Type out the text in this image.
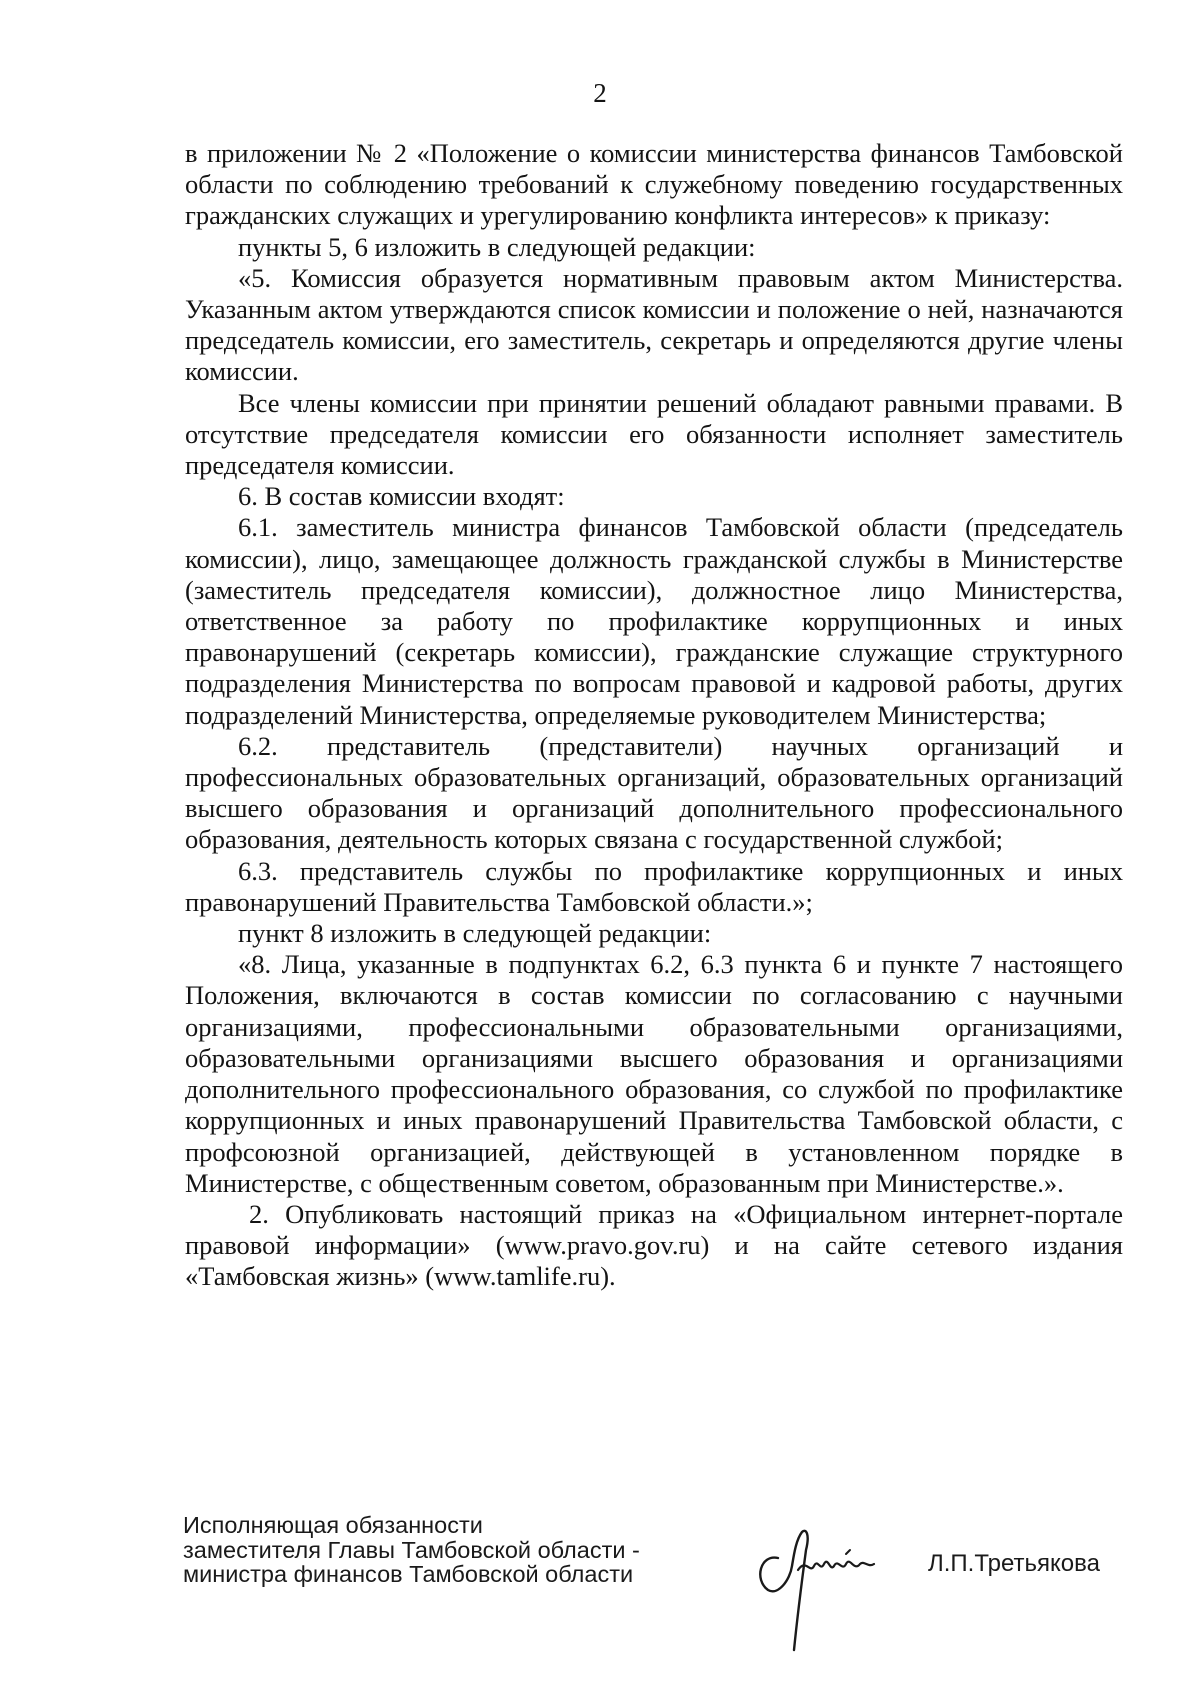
2

в приложении № 2 «Положение о комиссии министерства финансов Тамбовской области по соблюдению требований к служебному поведению государственных гражданских служащих и урегулированию конфликта интересов» к приказу:

пункты 5, 6 изложить в следующей редакции:

«5. Комиссия образуется нормативным правовым актом Министерства. Указанным актом утверждаются список комиссии и положение о ней, назначаются председатель комиссии, его заместитель, секретарь и определяются другие члены комиссии.

Все члены комиссии при принятии решений обладают равными правами. В отсутствие председателя комиссии его обязанности исполняет заместитель председателя комиссии.

6. В состав комиссии входят:

6.1. заместитель министра финансов Тамбовской области (председатель комиссии), лицо, замещающее должность гражданской службы в Министерстве (заместитель председателя комиссии), должностное лицо Министерства, ответственное за работу по профилактике коррупционных и иных правонарушений (секретарь комиссии), гражданские служащие структурного подразделения Министерства по вопросам правовой и кадровой работы, других подразделений Министерства, определяемые руководителем Министерства;

6.2. представитель (представители) научных организаций и профессиональных образовательных организаций, образовательных организаций высшего образования и организаций дополнительного профессионального образования, деятельность которых связана с государственной службой;

6.3. представитель службы по профилактике коррупционных и иных правонарушений Правительства Тамбовской области.»;

пункт 8 изложить в следующей редакции:

«8. Лица, указанные в подпунктах 6.2, 6.3 пункта 6 и пункте 7 настоящего Положения, включаются в состав комиссии по согласованию с научными организациями, профессиональными образовательными организациями, образовательными организациями высшего образования и организациями дополнительного профессионального образования, со службой по профилактике коррупционных и иных правонарушений Правительства Тамбовской области, с профсоюзной организацией, действующей в установленном порядке в Министерстве, с общественным советом, образованным при Министерстве.».

2. Опубликовать настоящий приказ на «Официальном интернет-портале правовой информации» (www.pravo.gov.ru) и на сайте сетевого издания «Тамбовская жизнь» (www.tamlife.ru).

Исполняющая обязанности
заместителя Главы Тамбовской области -
министра финансов Тамбовской области	Л.П.Третьякова
